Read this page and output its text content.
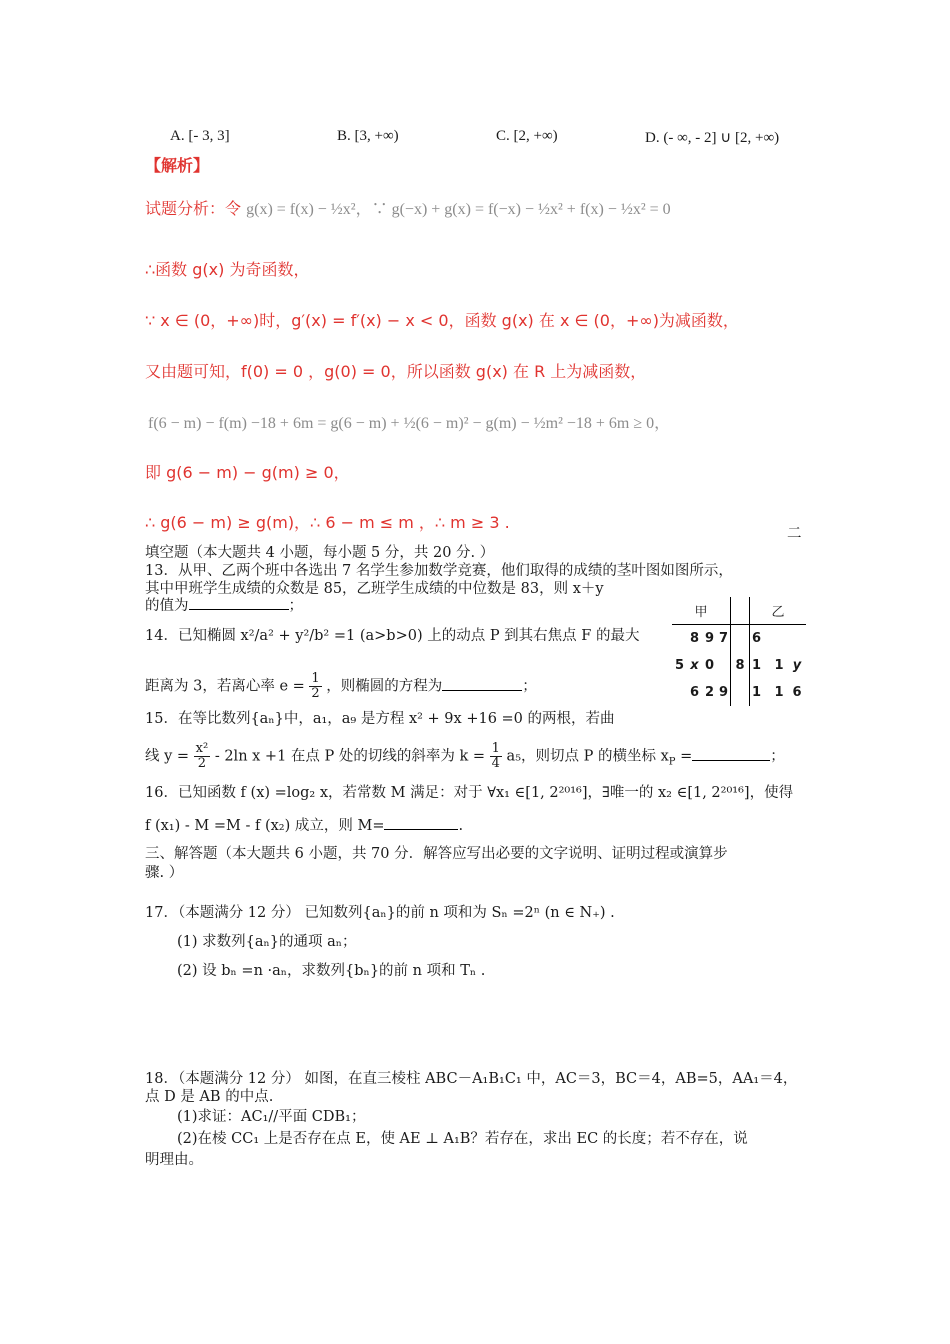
A. [- 3, 3]	B. [3, +∞)	C. [2, +∞)	D. (- ∞, - 2] ∪ [2, +∞)
【解析】
试题分析：令 g(x) = f(x) − ½x²，∵ g(−x) + g(x) = f(−x) − ½x² + f(x) − ½x² = 0
∴函数 g(x) 为奇函数，
∵ x ∈ (0，+∞)时，g′(x) = f′(x) − x < 0，函数 g(x) 在 x ∈ (0，+∞)为减函数，
又由题可知，f(0) = 0 ，g(0) = 0，所以函数 g(x) 在 R 上为减函数，
f(6 − m) − f(m) −18 + 6m = g(6 − m) + ½(6 − m)² − g(m) − ½m² −18 + 6m ≥ 0，
即 g(6 − m) − g(m) ≥ 0，
∴ g(6 − m) ≥ g(m)，∴ 6 − m ≤ m ，∴ m ≥ 3 .
二
填空题（本大题共 4 小题，每小题 5 分，共 20 分. ）
13．从甲、乙两个班中各选出 7 名学生参加数学竞赛，他们取得的成绩的茎叶图如图所示，
其中甲班学生成绩的众数是 85，乙班学生成绩的中位数是 83，则 x＋y
的值为	；
14．已知椭圆 x²/a² + y²/b² =1 (a>b>0) 上的动点 P 到其右焦点 F 的最大
距离为 3，若离心率 $e = \frac{1}{2}$ ，则椭圆的方程为	；
15．在等比数列{aₙ}中，a₁，a₉ 是方程 x² + 9x +16 =0 的两根，若曲
线 $y = \frac{\text{x²}}{2} - 2\ln$ x +1 在点 P 处的切线的斜率为 $k = \frac{1}{4} a_5$，则切点 P 的横坐标 $x_P$ =	；
16．已知函数 f (x) =log₂ x，若常数 M 满足：对于 ∀x₁ ∈[1, 2²⁰¹⁶]，∃唯一的 x₂ ∈[1, 2²⁰¹⁶]，使得
f (x₁) - M =M - f (x₂) 成立，则 M=	.
甲					乙		
	8	9	7		6		
5	x	0		8	1	1	y
	6	2	9		1	1	6
三、解答题（本大题共 6 小题，共 70 分．解答应写出必要的文字说明、证明过程或演算步
骤. ）
17．（本题满分 12 分） 已知数列{aₙ}的前 n 项和为 Sₙ =2ⁿ (n ∈ N₊) .
(1) 求数列{aₙ}的通项 aₙ；
(2) 设 bₙ =n ·aₙ，求数列{bₙ}的前 n 项和 Tₙ .
18．（本题满分 12 分） 如图，在直三棱柱 ABC－A₁B₁C₁ 中，AC＝3，BC＝4，AB=5，AA₁＝4，
点 D 是 AB 的中点.
(1)求证：AC₁//平面 CDB₁；
(2)在棱 CC₁ 上是否存在点 E，使 AE ⊥ A₁B？若存在，求出 EC 的长度；若不存在，说
明理由。
